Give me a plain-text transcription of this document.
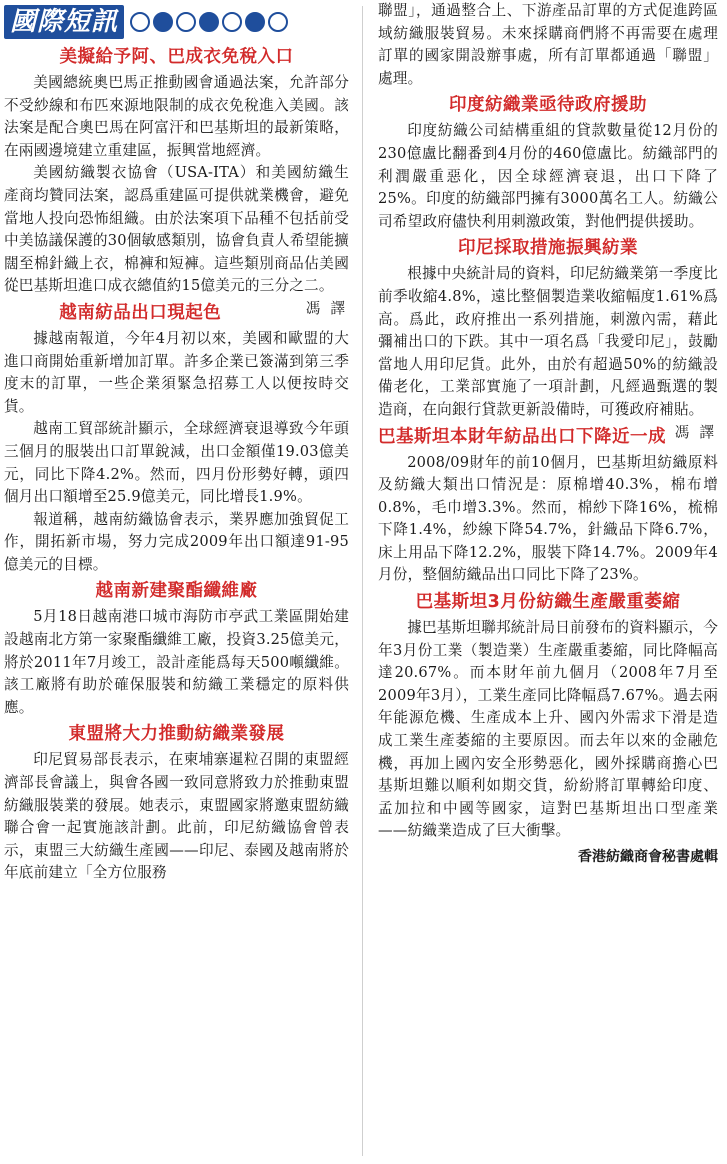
國際短訊
美擬給予阿、巴成衣免稅入口

美國總統奧巴馬正推動國會通過法案，允許部分不受紗線和布匹來源地限制的成衣免稅進入美國。該法案是配合奧巴馬在阿富汗和巴基斯坦的最新策略，在兩國邊境建立重建區，振興當地經濟。

美國紡織製衣協會（USA-ITA）和美國紡織生產商均贊同法案，認爲重建區可提供就業機會，避免當地人投向恐怖組織。由於法案項下品種不包括前受中美協議保護的30個敏感類別，協會負責人希望能擴闊至棉針織上衣，棉褲和短褲。這些類別商品佔美國從巴基斯坦進口成衣總值約15億美元的三分之二。
馮譯

越南紡品出口現起色

據越南報道，今年4月初以來，美國和歐盟的大進口商開始重新增加訂單。許多企業已簽滿到第三季度末的訂單，一些企業須緊急招募工人以便按時交貨。

越南工貿部統計顯示，全球經濟衰退導致今年頭三個月的服裝出口訂單銳減，出口金額僅19.03億美元，同比下降4.2%。然而，四月份形勢好轉，頭四個月出口額增至25.9億美元，同比增長1.9%。

報道稱，越南紡織協會表示，業界應加強貿促工作，開拓新市場，努力完成2009年出口額達91-95億美元的目標。

越南新建聚酯纖維廠

5月18日越南港口城市海防市亭武工業區開始建設越南北方第一家聚酯纖維工廠，投資3.25億美元，將於2011年7月竣工，設計產能爲每天500噸纖維。該工廠將有助於確保服裝和紡織工業穩定的原料供應。

東盟將大力推動紡織業發展

印尼貿易部長表示，在柬埔寨暹粒召開的東盟經濟部長會議上，與會各國一致同意將致力於推動東盟紡織服裝業的發展。她表示，東盟國家將邀東盟紡織聯合會一起實施該計劃。此前，印尼紡織協會曾表示，東盟三大紡織生產國——印尼、泰國及越南將於年底前建立「全方位服務

聯盟」，通過整合上、下游產品訂單的方式促進跨區域紡織服裝貿易。未來採購商們將不再需要在處理訂單的國家開設辦事處，所有訂單都通過「聯盟」處理。

印度紡織業亟待政府援助

印度紡織公司結構重組的貸款數量從12月份的230億盧比翻番到4月份的460億盧比。紡織部門的利潤嚴重惡化，因全球經濟衰退，出口下降了25%。印度的紡織部門擁有3000萬名工人。紡織公司希望政府儘快利用刺激政策，對他們提供援助。

印尼採取措施振興紡業

根據中央統計局的資料，印尼紡織業第一季度比前季收縮4.8%，遠比整個製造業收縮幅度1.61%爲高。爲此，政府推出一系列措施，刺激內需，藉此彌補出口的下跌。其中一項名爲「我愛印尼」，鼓勵當地人用印尼貨。此外，由於有超過50%的紡織設備老化，工業部實施了一項計劃，凡經過甄選的製造商，在向銀行貸款更新設備時，可獲政府補貼。
馮譯

巴基斯坦本財年紡品出口下降近一成

2008/09財年的前10個月，巴基斯坦紡織原料及紡織大類出口情況是：原棉增40.3%，棉布增0.8%，毛巾增3.3%。然而，棉紗下降16%，梳棉下降1.4%，紗線下降54.7%，針織品下降6.7%，床上用品下降12.2%，服裝下降14.7%。2009年4月份，整個紡織品出口同比下降了23%。

巴基斯坦3月份紡織生產嚴重萎縮

據巴基斯坦聯邦統計局日前發布的資料顯示，今年3月份工業（製造業）生產嚴重萎縮，同比降幅高達20.67%。而本財年前九個月（2008年7月至2009年3月），工業生產同比降幅爲7.67%。過去兩年能源危機、生產成本上升、國內外需求下滑是造成工業生產萎縮的主要原因。而去年以來的金融危機，再加上國內安全形勢惡化，國外採購商擔心巴基斯坦難以順利如期交貨，紛紛將訂單轉給印度、孟加拉和中國等國家，這對巴基斯坦出口型產業——紡織業造成了巨大衝擊。

香港紡織商會秘書處輯
